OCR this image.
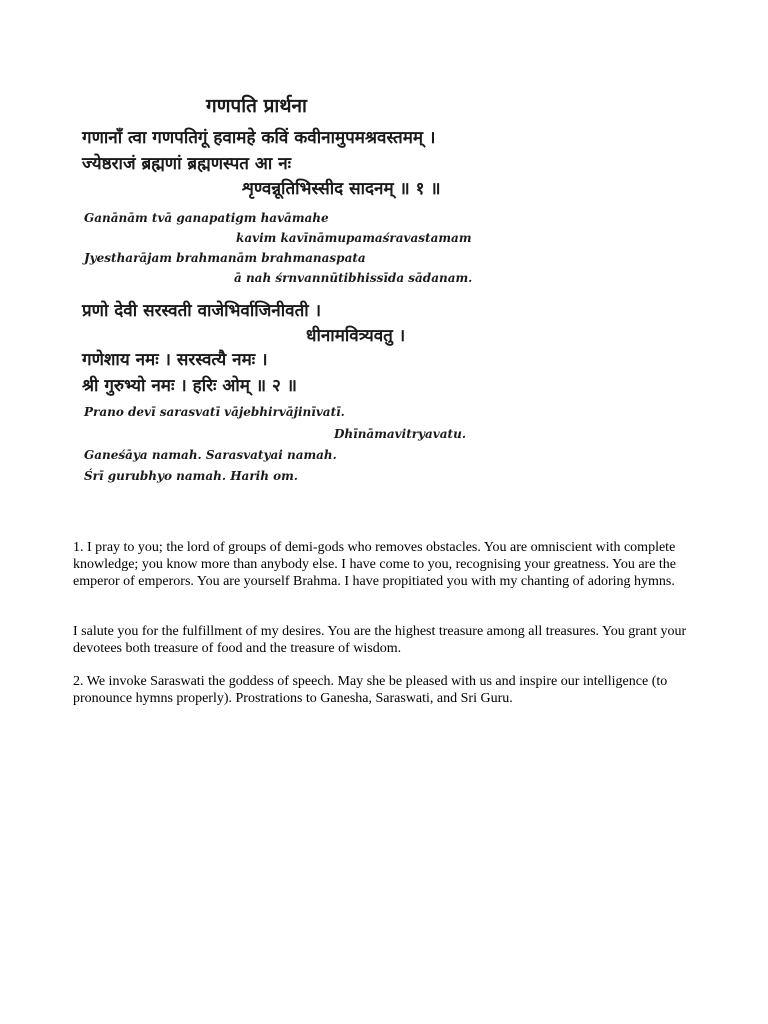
गणपति प्रार्थना
गणानाँ त्वा गणपतिगूं हवामहे कविं कवीनामुपमश्रवस्तमम् ।
ज्येष्ठराजं ब्रह्मणां ब्रह्मणस्पत आ नः
शृण्वन्नूतिभिस्सीद सादनम् ॥ १ ॥
Ganānām tvā ganapatigm havāmahe
kavim kavīnāmupamaśravastamam
Jyesthаrājam brahmanām brahmanaspata
ā nah śrnvannūtibhissīda sādanam.
प्रणो देवी सरस्वती वाजेभिर्वाजिनीवती ।
धीनामवित्र्यवतु ।
गणेशाय नमः । सरस्वत्यै नमः ।
श्री गुरुभ्यो नमः । हरिः ओम् ॥ २ ॥
Prano devī sarasvatī vājebhirvājinīvatī.
Dhīnāmavitryavatu.
Ganeśāya namah. Sarasvatyai namah.
Śrī gurubhyo namah. Harih om.

1. I pray to you; the lord of groups of demi-gods who removes obstacles. You are omniscient with complete knowledge; you know more than anybody else. I have come to you, recognising your greatness. You are the emperor of emperors. You are yourself Brahma. I have propitiated you with my chanting of adoring hymns.

I salute you for the fulfillment of my desires. You are the highest treasure among all treasures. You grant your devotees both treasure of food and the treasure of wisdom.

2. We invoke Saraswati the goddess of speech. May she be pleased with us and inspire our intelligence (to pronounce hymns properly). Prostrations to Ganesha, Saraswati, and Sri Guru.
